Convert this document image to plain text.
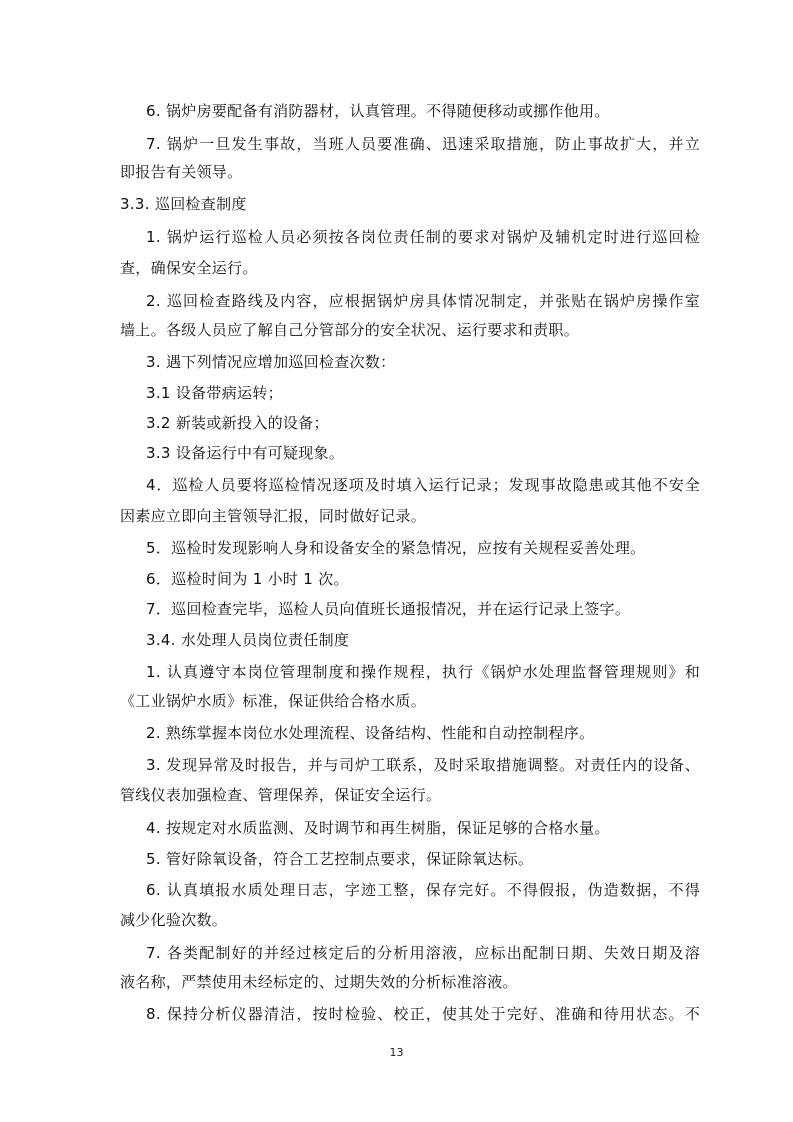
6. 锅炉房要配备有消防器材，认真管理。不得随便移动或挪作他用。
7. 锅炉一旦发生事故，当班人员要准确、迅速采取措施，防止事故扩大，并立
即报告有关领导。
3.3. 巡回检查制度
1. 锅炉运行巡检人员必须按各岗位责任制的要求对锅炉及辅机定时进行巡回检
查，确保安全运行。
2. 巡回检查路线及内容，应根据锅炉房具体情况制定，并张贴在锅炉房操作室
墙上。各级人员应了解自己分管部分的安全状况、运行要求和责职。
3. 遇下列情况应增加巡回检查次数：
3.1 设备带病运转；
3.2 新装或新投入的设备；
3.3 设备运行中有可疑现象。
4．巡检人员要将巡检情况逐项及时填入运行记录；发现事故隐患或其他不安全
因素应立即向主管领导汇报，同时做好记录。
5．巡检时发现影响人身和设备安全的紧急情况，应按有关规程妥善处理。
6．巡检时间为 1 小时 1 次。
7．巡回检查完毕，巡检人员向值班长通报情况，并在运行记录上签字。
3.4. 水处理人员岗位责任制度
1. 认真遵守本岗位管理制度和操作规程，执行《锅炉水处理监督管理规则》和
《工业锅炉水质》标准，保证供给合格水质。
2. 熟练掌握本岗位水处理流程、设备结构、性能和自动控制程序。
3. 发现异常及时报告，并与司炉工联系，及时采取措施调整。对责任内的设备、
管线仪表加强检查、管理保养，保证安全运行。
4. 按规定对水质监测、及时调节和再生树脂，保证足够的合格水量。
5. 管好除氧设备，符合工艺控制点要求，保证除氧达标。
6. 认真填报水质处理日志，字迹工整，保存完好。不得假报，伪造数据，不得
减少化验次数。
7. 各类配制好的并经过核定后的分析用溶液，应标出配制日期、失效日期及溶
液名称，严禁使用未经标定的、过期失效的分析标准溶液。
8. 保持分析仪器清洁，按时检验、校正，使其处于完好、准确和待用状态。不
13
